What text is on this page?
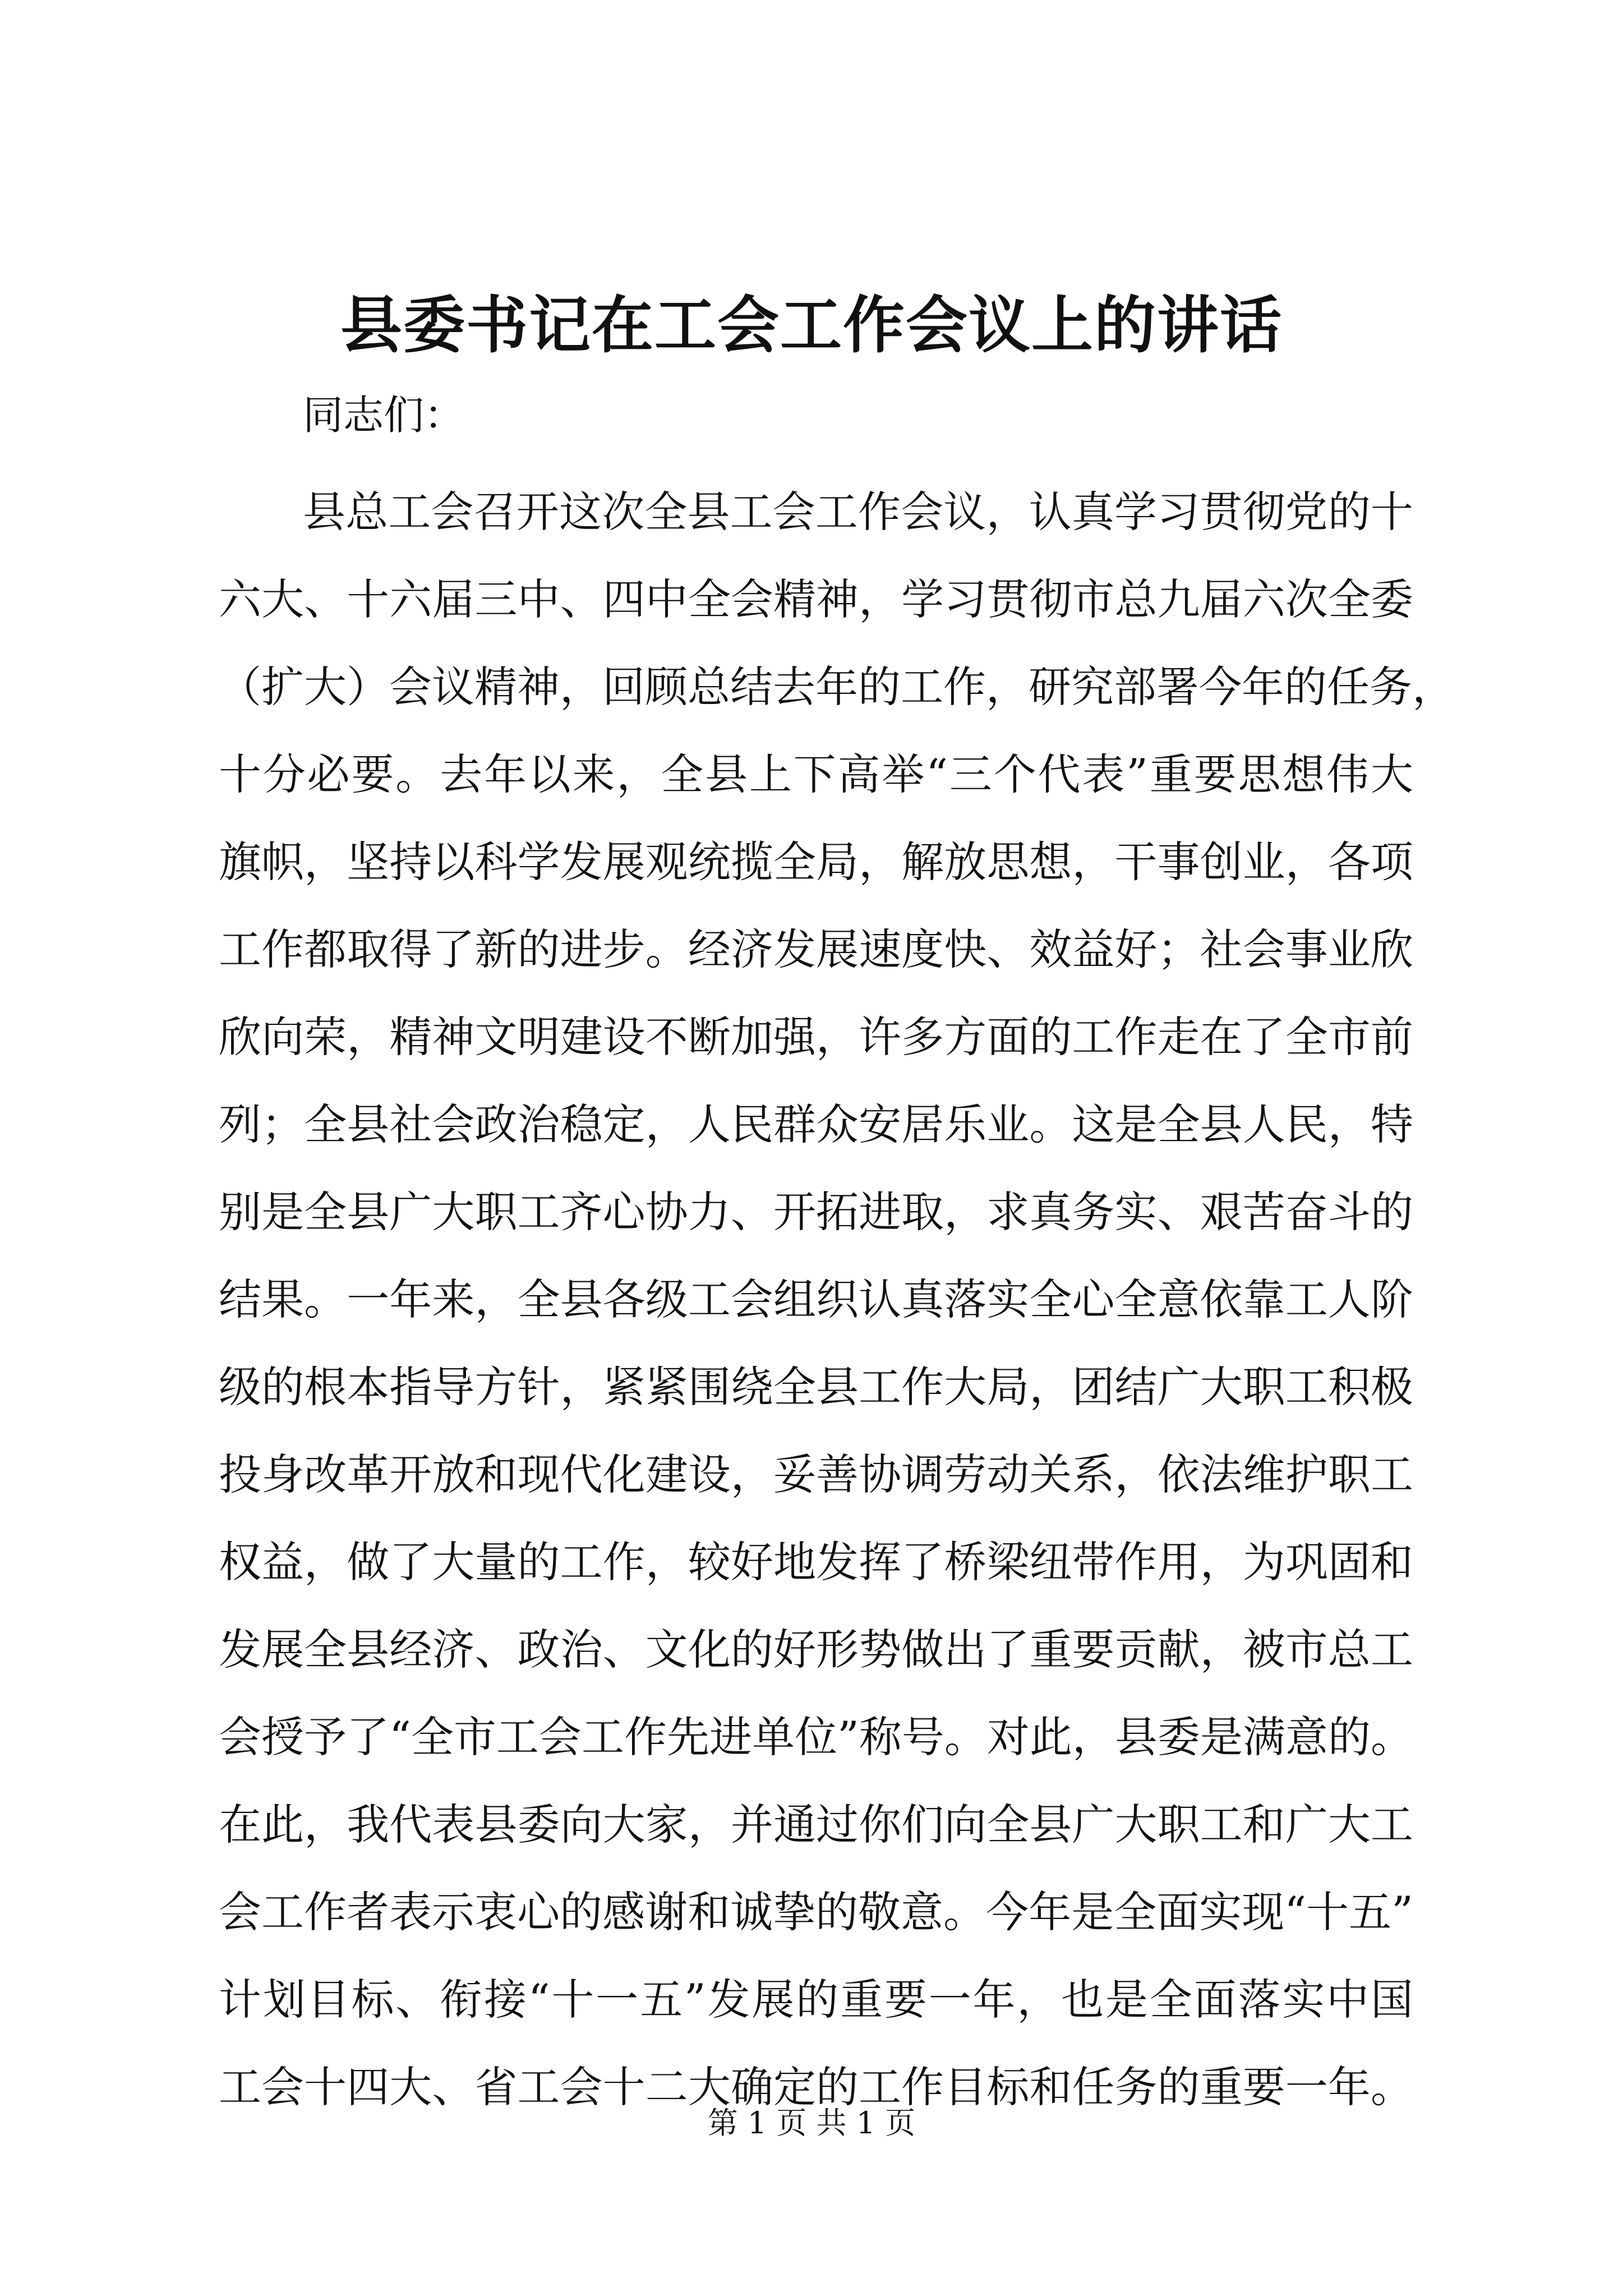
县委书记在工会工作会议上的讲话
同志们：
县总工会召开这次全县工会工作会议，认真学习贯彻党的十
六大、十六届三中、四中全会精神，学习贯彻市总九届六次全委
（扩大）会议精神，回顾总结去年的工作，研究部署今年的任务，
十分必要。去年以来，全县上下高举“三个代表”重要思想伟大
旗帜，坚持以科学发展观统揽全局，解放思想，干事创业，各项
工作都取得了新的进步。经济发展速度快、效益好；社会事业欣
欣向荣，精神文明建设不断加强，许多方面的工作走在了全市前
列；全县社会政治稳定，人民群众安居乐业。这是全县人民，特
别是全县广大职工齐心协力、开拓进取，求真务实、艰苦奋斗的
结果。一年来，全县各级工会组织认真落实全心全意依靠工人阶
级的根本指导方针，紧紧围绕全县工作大局，团结广大职工积极
投身改革开放和现代化建设，妥善协调劳动关系，依法维护职工
权益，做了大量的工作，较好地发挥了桥梁纽带作用，为巩固和
发展全县经济、政治、文化的好形势做出了重要贡献，被市总工
会授予了“全市工会工作先进单位”称号。对此，县委是满意的。
在此，我代表县委向大家，并通过你们向全县广大职工和广大工
会工作者表示衷心的感谢和诚挚的敬意。今年是全面实现“十五”
计划目标、衔接“十一五”发展的重要一年，也是全面落实中国
工会十四大、省工会十二大确定的工作目标和任务的重要一年。
第 1 页 共 1 页
